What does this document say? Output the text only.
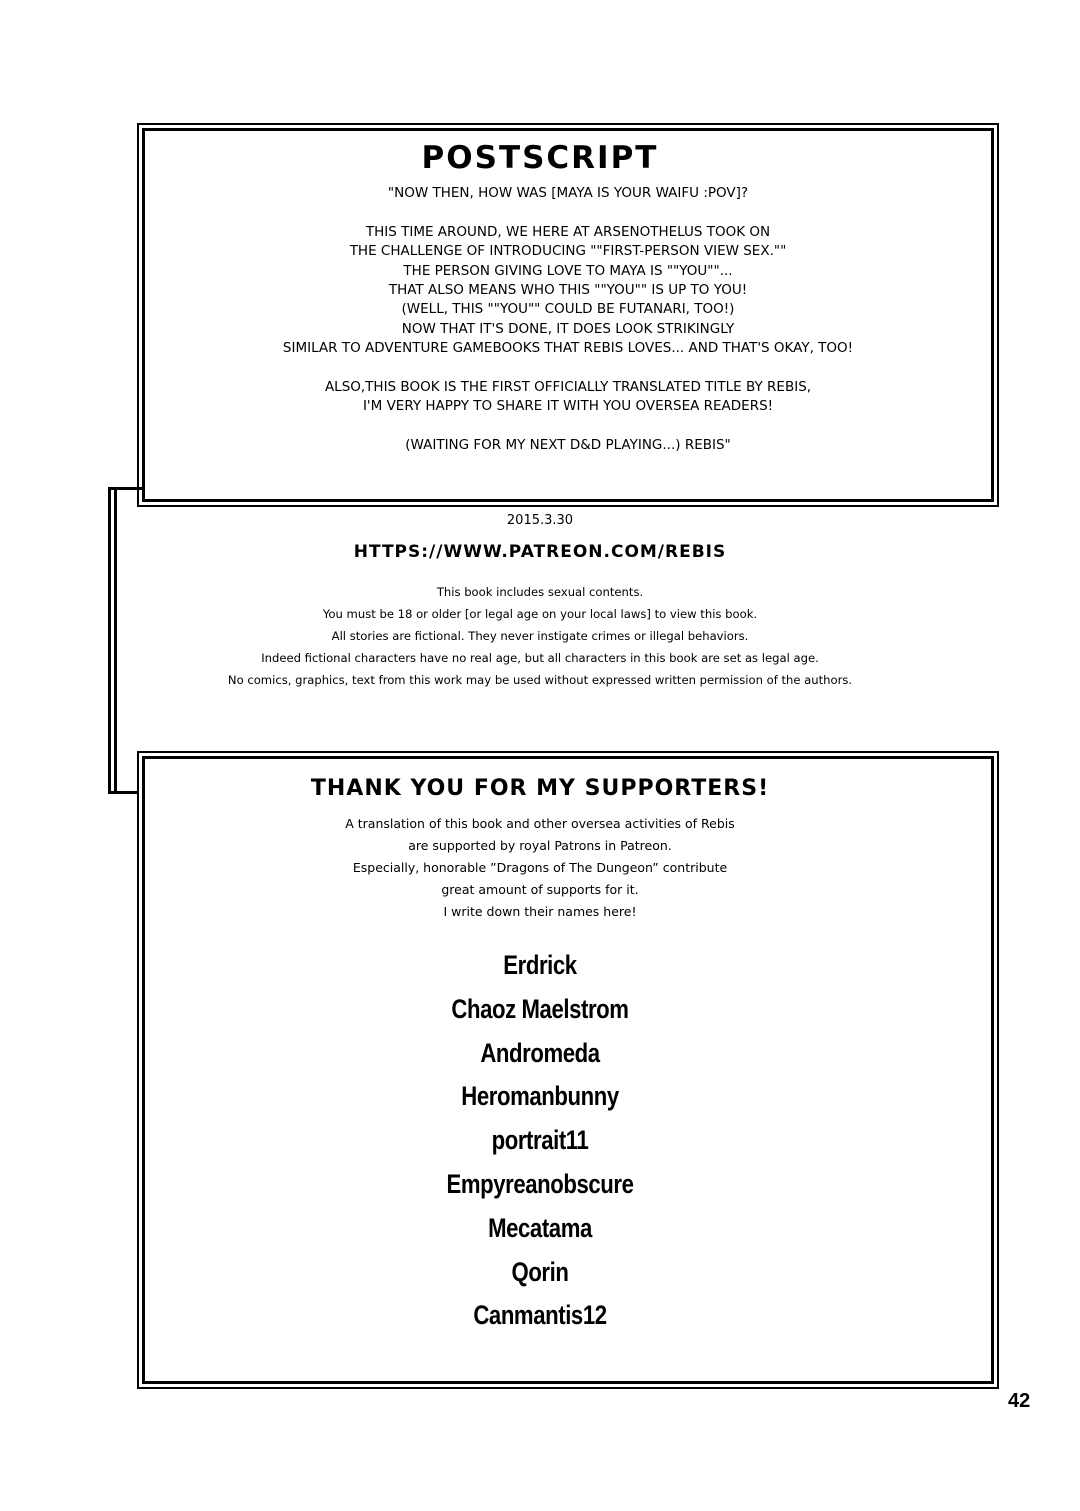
POSTSCRIPT
"NOW THEN, HOW WAS [MAYA IS YOUR WAIFU :POV]?
THIS TIME AROUND, WE HERE AT ARSENOTHELUS TOOK ON
THE CHALLENGE OF INTRODUCING ""FIRST-PERSON VIEW SEX.""
THE PERSON GIVING LOVE TO MAYA IS ""YOU""...
THAT ALSO MEANS WHO THIS ""YOU"" IS UP TO YOU!
(WELL, THIS ""YOU"" COULD BE FUTANARI, TOO!)
NOW THAT IT'S DONE, IT DOES LOOK STRIKINGLY
SIMILAR TO ADVENTURE GAMEBOOKS THAT REBIS LOVES... AND THAT'S OKAY, TOO!
ALSO,THIS BOOK IS THE FIRST OFFICIALLY TRANSLATED TITLE BY REBIS,
I'M VERY HAPPY TO SHARE IT WITH YOU OVERSEA READERS!
(WAITING FOR MY NEXT D&D PLAYING...) REBIS"
2015.3.30
HTTPS://WWW.PATREON.COM/REBIS
This book includes sexual contents.
You must be 18 or older [or legal age on your local laws] to view this book.
All stories are fictional. They never instigate crimes or illegal behaviors.
Indeed fictional characters have no real age, but all characters in this book are set as legal age.
No comics, graphics, text from this work may be used without expressed written permission of the authors.
THANK YOU FOR MY SUPPORTERS!
A translation of this book and other oversea activities of Rebis
are supported by royal Patrons in Patreon.
Especially, honorable ”Dragons of The Dungeon” contribute
great amount of supports for it.
I write down their names here!
Erdrick
Chaoz Maelstrom
Andromeda
Heromanbunny
portrait11
Empyreanobscure
Mecatama
Qorin
Canmantis12
42
